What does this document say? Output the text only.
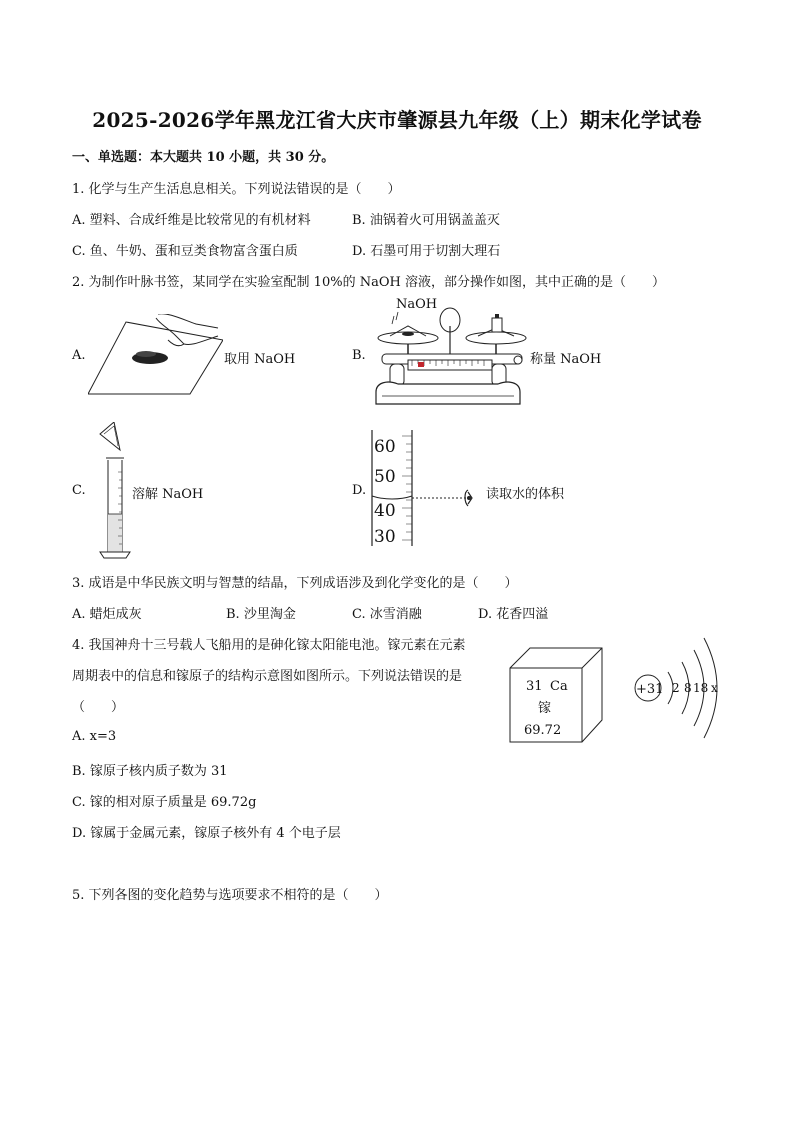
2025-2026学年黑龙江省大庆市肇源县九年级（上）期末化学试卷
一、单选题：本大题共 10 小题，共 30 分。
1. 化学与生产生活息息相关。下列说法错误的是（　　）
A. 塑料、合成纤维是比较常见的有机材料	B. 油锅着火可用锅盖盖灭
C. 鱼、牛奶、蛋和豆类食物富含蛋白质	D. 石墨可用于切割大理石
2. 为制作叶脉书签，某同学在实验室配制 10%的 NaOH 溶液，部分操作如图，其中正确的是（　　）
A.	取用 NaOH	B.
NaOH
称量 NaOH
C.	溶解 NaOH	D.
60
50
40
30
读取水的体积
3. 成语是中华民族文明与智慧的结晶，下列成语涉及到化学变化的是（　　）
A. 蜡炬成灰	B. 沙里淘金	C. 冰雪消融	D. 花香四溢
4. 我国神舟十三号载人飞船用的是砷化镓太阳能电池。镓元素在元素
周期表中的信息和镓原子的结构示意图如图所示。下列说法错误的是
（　　）
31 Ca
镓
69.72
+31 2 8 18 x
A. x=3
B. 镓原子核内质子数为 31
C. 镓的相对原子质量是 69.72g
D. 镓属于金属元素，镓原子核外有 4 个电子层
5. 下列各图的变化趋势与选项要求不相符的是（　　）
